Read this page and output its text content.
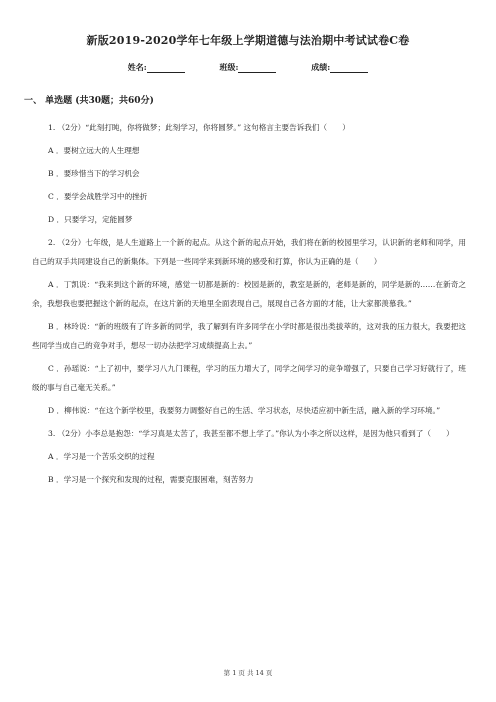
新版2019-2020学年七年级上学期道德与法治期中考试试卷C卷
姓名:	班级:	成绩:
一、 单选题 (共30题；共60分)
1. （2分）“此刻打盹，你将做梦；此刻学习，你将圆梦。” 这句格言主要告诉我们（　　）
A ．要树立远大的人生理想
B ．要珍惜当下的学习机会
C ．要学会战胜学习中的挫折
D ．只要学习，定能圆梦
2. （2分）七年级，是人生道路上一个新的起点。从这个新的起点开始，我们将在新的校园里学习，认识新的老师和同学，用自己的双手共同建设自己的新集体。下列是一些同学来到新环境的感受和打算，你认为正确的是（　　）
A ．丁凯说：“我来到这个新的环境，感觉一切都是新的：校园是新的，教室是新的，老师是新的，同学是新的……在新奇之余，我想我也要把握这个新的起点，在这片新的天地里全面表现自己，展现自己各方面的才能，让大家都羡慕我。”
B ．林玲说：“新的班级有了许多新的同学，我了解到有许多同学在小学时都是很出类拔萃的，这对我的压力很大，我要把这些同学当成自己的竞争对手，想尽一切办法把学习成绩提高上去。”
C ．孙瑶说：“上了初中，要学习八九门课程，学习的压力增大了，同学之间学习的竞争增强了，只要自己学习好就行了，班级的事与自己毫无关系。”
D ．柳伟说：“在这个新学校里，我要努力调整好自己的生活、学习状态，尽快适应初中新生活，融入新的学习环境。”
3. （2分）小李总是抱怨：“学习真是太苦了，我甚至都不想上学了。”你认为小李之所以这样，是因为他只看到了（　　）
A ．学习是一个苦乐交织的过程
B ．学习是一个探究和发现的过程，需要克服困难，刻苦努力
第 1 页 共 14 页
